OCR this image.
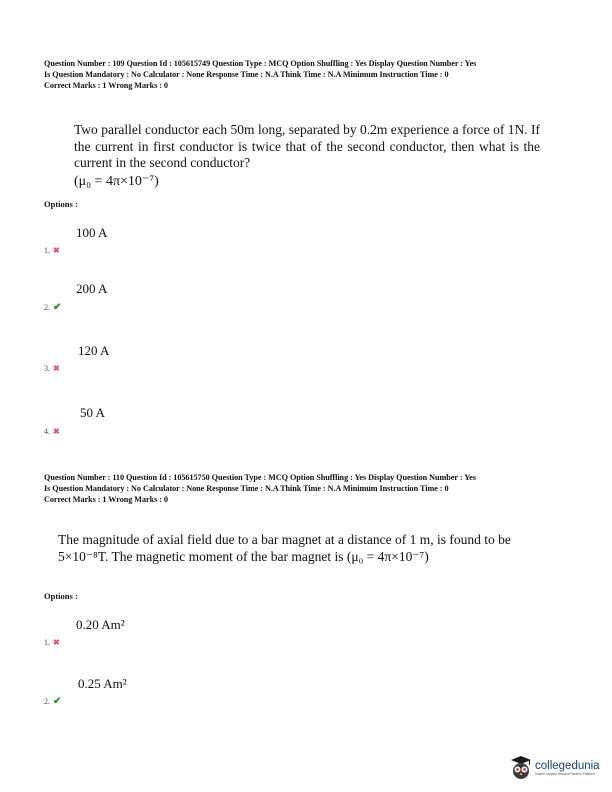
Question Number : 109 Question Id : 105615749 Question Type : MCQ Option Shuffling : Yes Display Question Number : Yes
Is Question Mandatory : No Calculator : None Response Time : N.A Think Time : N.A Minimum Instruction Time : 0
Correct Marks : 1 Wrong Marks : 0
Two parallel conductor each 50m long, separated by 0.2m experience a force of 1N. If the current in first conductor is twice that of the second conductor, then what is the current in the second conductor?
(μ₀ = 4π×10⁻⁷)
Options :
100 A
1. ✖
200 A
2. ✔
120 A
3. ✖
50 A
4. ✖
Question Number : 110 Question Id : 105615750 Question Type : MCQ Option Shuffling : Yes Display Question Number : Yes
Is Question Mandatory : No Calculator : None Response Time : N.A Think Time : N.A Minimum Instruction Time : 0
Correct Marks : 1 Wrong Marks : 0
The magnitude of axial field due to a bar magnet at a distance of 1 m, is found to be
5×10⁻⁸T. The magnetic moment of the bar magnet is (μ₀ = 4π×10⁻⁷)
Options :
0.20 Am²
1. ✖
0.25 Am²
2. ✔
collegedunia
India's Largest Student Review Platform
